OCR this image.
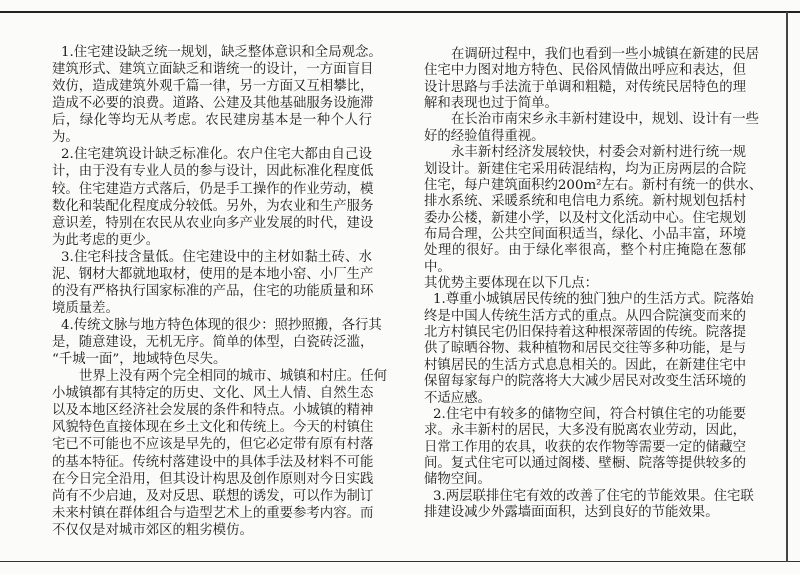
1.住宅建设缺乏统一规划，缺乏整体意识和全局观念。
建筑形式、建筑立面缺乏和谐统一的设计，一方面盲目
效仿，造成建筑外观千篇一律，另一方面又互相攀比，
造成不必要的浪费。道路、公建及其他基础服务设施滞
后，绿化等均无从考虑。农民建房基本是一种个人行
为。
2.住宅建筑设计缺乏标准化。农户住宅大都由自己设
计，由于没有专业人员的参与设计，因此标准化程度低
较。住宅建造方式落后，仍是手工操作的作业劳动，模
数化和装配化程度成分较低。另外，为农业和生产服务
意识差，特别在农民从农业向多产业发展的时代，建设
为此考虑的更少。
3.住宅科技含量低。住宅建设中的主材如黏土砖、水
泥、钢材大都就地取材，使用的是本地小窑、小厂生产
的没有严格执行国家标准的产品，住宅的功能质量和环
境质量差。
4.传统文脉与地方特色体现的很少：照抄照搬，各行其
是，随意建设，无机无序。简单的体型，白瓷砖泛滥，
“千城一面”，地域特色尽失。
世界上没有两个完全相同的城市、城镇和村庄。任何
小城镇都有其特定的历史、文化、风土人情、自然生态
以及本地区经济社会发展的条件和特点。小城镇的精神
风貌特色直接体现在乡土文化和传统上。今天的村镇住
宅已不可能也不应该是早先的，但它必定带有原有村落
的基本特征。传统村落建设中的具体手法及材料不可能
在今日完全沿用，但其设计构思及创作原则对今日实践
尚有不少启迪，及对反思、联想的诱发，可以作为制订
未来村镇在群体组合与造型艺术上的重要参考内容。而
不仅仅是对城市郊区的粗劣模仿。
在调研过程中，我们也看到一些小城镇在新建的民居
住宅中力图对地方特色、民俗风情做出呼应和表达，但
设计思路与手法流于单调和粗糙，对传统民居特色的理
解和表现也过于简单。
在长治市南宋乡永丰新村建设中，规划、设计有一些
好的经验值得重视。
永丰新村经济发展较快，村委会对新村进行统一规
划设计。新建住宅采用砖混结构，均为正房两层的合院
住宅，每户建筑面积约200m²左右。新村有统一的供水、
排水系统、采暖系统和电信电力系统。新村规划包括村
委办公楼，新建小学，以及村文化活动中心。住宅规划
布局合理，公共空间面积适当，绿化、小品丰富，环境
处理的很好。由于绿化率很高，整个村庄掩隐在葱郁
中。
其优势主要体现在以下几点：
1.尊重小城镇居民传统的独门独户的生活方式。院落始
终是中国人传统生活方式的重点。从四合院演变而来的
北方村镇民宅仍旧保持着这种根深蒂固的传统。院落提
供了晾晒谷物、栽种植物和居民交往等多种功能，是与
村镇居民的生活方式息息相关的。因此，在新建住宅中
保留每家每户的院落将大大减少居民对改变生活环境的
不适应感。
2.住宅中有较多的储物空间，符合村镇住宅的功能要
求。永丰新村的居民，大多没有脱离农业劳动，因此，
日常工作用的农具，收获的农作物等需要一定的储藏空
间。复式住宅可以通过阁楼、壁橱、院落等提供较多的
储物空间。
3.两层联排住宅有效的改善了住宅的节能效果。住宅联
排建设减少外露墙面面积，达到良好的节能效果。
